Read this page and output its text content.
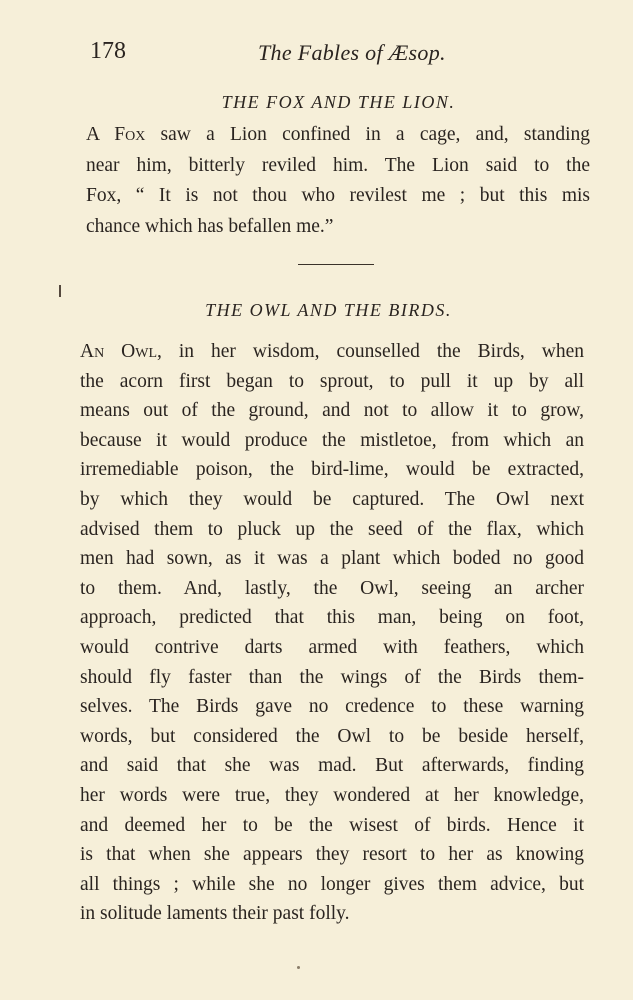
178	The Fables of Æsop.
THE FOX AND THE LION.

A Fox saw a Lion confined in a cage, and, standing
near him, bitterly reviled him. The Lion said to the
Fox, “ It is not thou who revilest me ; but this mis
chance which has befallen me.”

THE OWL AND THE BIRDS.

An Owl, in her wisdom, counselled the Birds, when
the acorn first began to sprout, to pull it up by all
means out of the ground, and not to allow it to grow,
because it would produce the mistletoe, from which an
irremediable poison, the bird-lime, would be extracted,
by which they would be captured. The Owl next
advised them to pluck up the seed of the flax, which
men had sown, as it was a plant which boded no good
to them. And, lastly, the Owl, seeing an archer
approach, predicted that this man, being on foot,
would contrive darts armed with feathers, which
should fly faster than the wings of the Birds them-
selves. The Birds gave no credence to these warning
words, but considered the Owl to be beside herself,
and said that she was mad. But afterwards, finding
her words were true, they wondered at her knowledge,
and deemed her to be the wisest of birds. Hence it
is that when she appears they resort to her as knowing
all things ; while she no longer gives them advice, but
in solitude laments their past folly.
